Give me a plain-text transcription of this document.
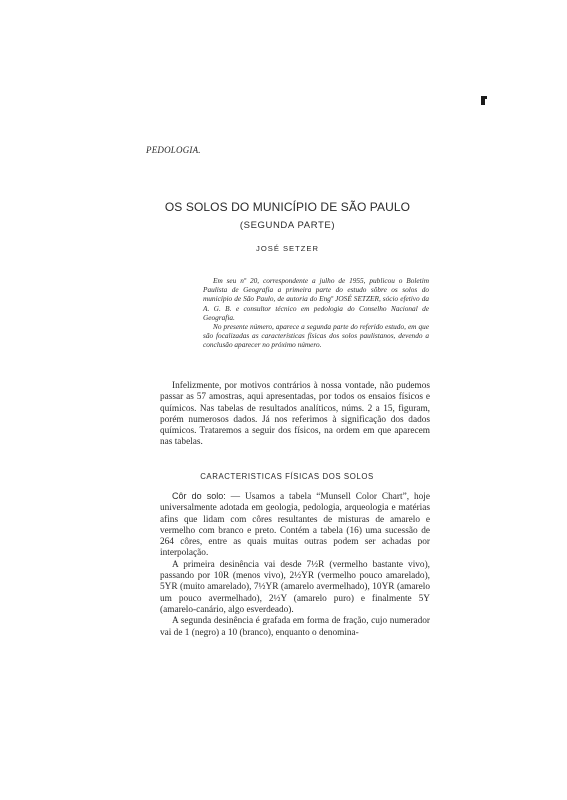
PEDOLOGIA.
OS SOLOS DO MUNICÍPIO DE SÃO PAULO
(SEGUNDA PARTE)
JOSÉ SETZER

Em seu nº 20, correspondente a julho de 1955, publicou o Boletim Paulista de Geografia a primeira parte do estudo sôbre os solos do município de São Paulo, de autoria do Engº JOSÉ SETZER, sócio efetivo da A. G. B. e consultor técnico em pedologia do Conselho Nacional de Geografia.

No presente número, aparece a segunda parte do referido estudo, em que são focalizadas as características físicas dos solos paulistanos, devendo a conclusão aparecer no próximo número.

Infelizmente, por motivos contrários à nossa vontade, não pudemos passar as 57 amostras, aqui apresentadas, por todos os ensaios físicos e químicos. Nas tabelas de resultados analíticos, núms. 2 a 15, figuram, porém numerosos dados. Já nos referimos à significação dos dados químicos. Trataremos a seguir dos físicos, na ordem em que aparecem nas tabelas.

CARACTERISTICAS FÍSICAS DOS SOLOS

Côr do solo: — Usamos a tabela “Munsell Color Chart”, hoje universalmente adotada em geologia, pedologia, arqueologia e matérias afins que lidam com côres resultantes de misturas de amarelo e vermelho com branco e preto. Contém a tabela (16) uma sucessão de 264 côres, entre as quais muitas outras podem ser achadas por interpolação.

A primeira desinência vai desde 7½R (vermelho bastante vivo), passando por 10R (menos vivo), 2½YR (vermelho pouco amarelado), 5YR (muito amarelado), 7½YR (amarelo avermelhado), 10YR (amarelo um pouco avermelhado), 2½Y (amarelo puro) e finalmente 5Y (amarelo-canário, algo esverdeado).

A segunda desinência é grafada em forma de fração, cujo numerador vai de 1 (negro) a 10 (branco), enquanto o denomina-
